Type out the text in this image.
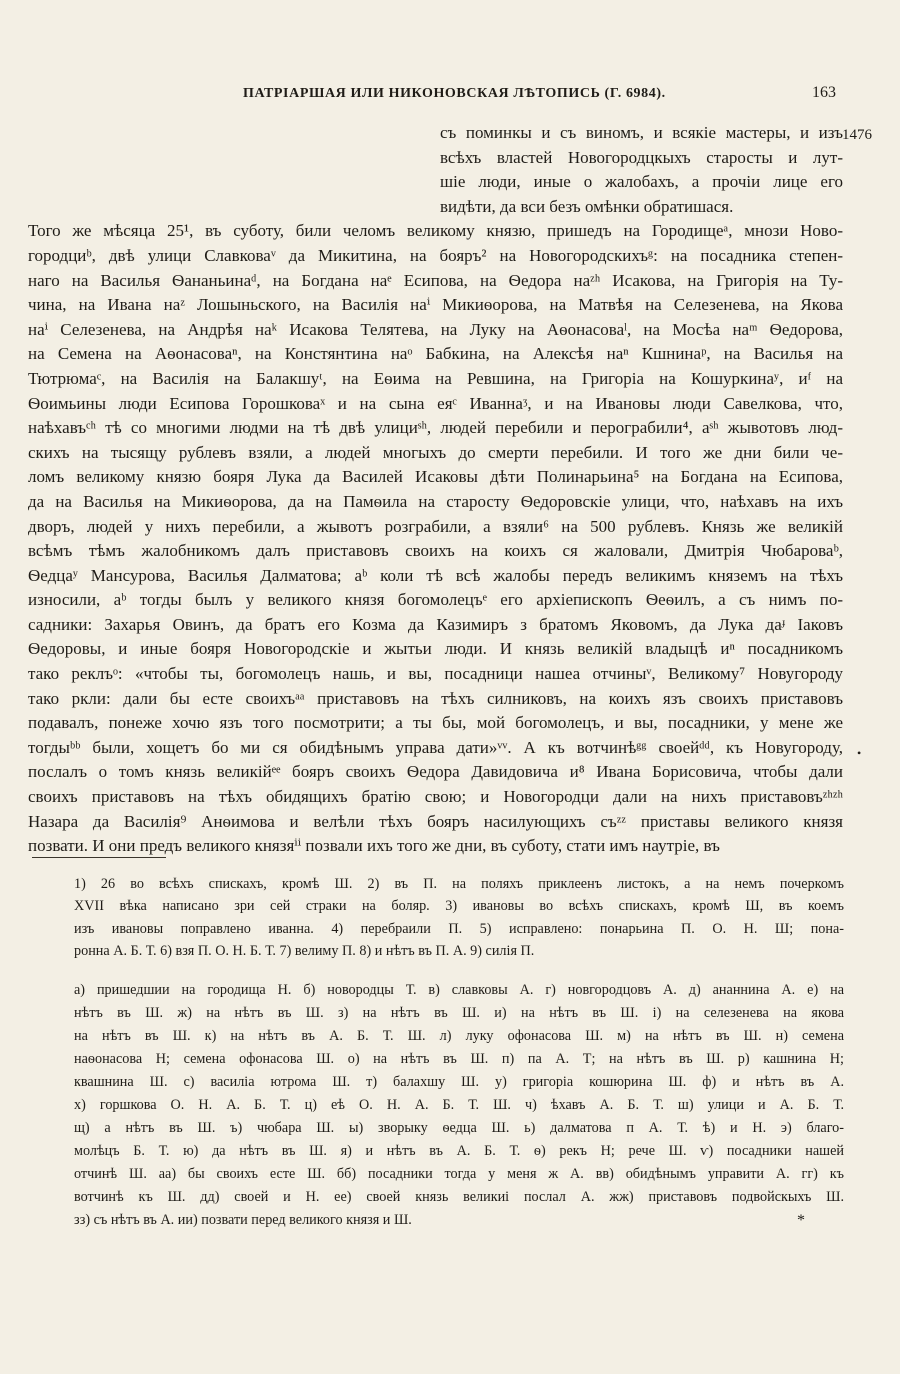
ПАТРІАРШАЯ ИЛИ НИКОНОВСКАЯ ЛѢТОПИСЬ (Г. 6984).	163
1476
съ поминкы и съ виномъ, и всякіе мастеры, и изъ
всѣхъ властей Новогородцкыхъ старосты и лут-
шіе люди, иные о жалобахъ, а прочіи лице его
видѣти, да вси безъ омѣнки обратишася.
Того же мѣсяца 25¹, въ суботу, били челомъ великому князю, пришедъ на Городищеᵃ, мнози Ново-
городциᵇ, двѣ улици Славковаᵛ да Микитина, на бояръ² на Новогородскихъᵍ: на посадника степен-
наго на Василья Ѳананьинаᵈ, на Богдана наᵉ Есипова, на Ѳедора наᶻʰ Исакова, на Григорія на Ту-
чина, на Ивана наᶻ Лошыньского, на Василія наⁱ Микиѳорова, на Матвѣя на Селезенева, на Якова
наⁱ Селезенева, на Андрѣя наᵏ Исакова Телятева, на Луку на Аѳонасоваˡ, на Мосѣа наᵐ Ѳедорова,
на Семена на Аѳонасоваⁿ, на Констянтина наᵒ Бабкина, на Алексѣя наⁿ Кшнинаᵖ, на Василья на
Тютрюмаᶜ, на Василія на Балакшуᵗ, на Еѳима на Ревшина, на Григоріа на Кошуркинаʸ, иᶠ на
Ѳоимьины люди Есипова Горошковаˣ и на сына еяᶜ Иваннаᶾ, и на Ивановы люди Савелкова, что,
наѣхавъᶜʰ тѣ со многими людми на тѣ двѣ улициˢʰ, людей перебили и перограбили⁴, аˢʰ жывотовъ люд-
скихъ на тысящу рублевъ взяли, а людей многыхъ до смерти перебили. И того же дни били че-
ломъ великому князю бояря Лука да Василей Исаковы дѣти Полинарьина⁵ на Богдана на Есипова,
да на Василья на Микиѳорова, да на Памѳила на старосту Ѳедоровскіе улици, что, наѣхавъ на ихъ
дворъ, людей у нихъ перебили, а жывотъ розграбили, а взяли⁶ на 500 рублевъ. Князь же великій
всѣмъ тѣмъ жалобникомъ далъ приставовъ своихъ на коихъ ся жаловали, Дмитрія Чюбароваᵇ,
Ѳедцаʸ Мансурова, Василья Далматова; аᵇ коли тѣ всѣ жалобы передъ великимъ княземъ на тѣхъ
износили, аᵇ тогды былъ у великого князя богомолецъᵉ его архіепископъ Ѳеѳилъ, а съ нимъ по-
садники: Захарья Овинъ, да братъ его Козма да Казимиръ з братомъ Яковомъ, да Лука даᶡ Іаковъ
Ѳедоровы, и иные бояря Новогородскіе и жытьи люди. И князь великій владыцѣ иⁿ посадникомъ
тако реклъᵒ: «чтобы ты, богомолецъ нашь, и вы, посадници нашеа отчиныᵛ, Великому⁷ Новугороду
тако ркли: дали бы есте своихъᵃᵃ приставовъ на тѣхъ силниковъ, на коихъ язъ своихъ приставовъ
подавалъ, понеже хочю язъ того посмотрити; а ты бы, мой богомолецъ, и вы, посадники, у мене же
тогдыᵇᵇ были, хощетъ бо ми ся обидѣнымъ управа дати»ᵛᵛ. А къ вотчинѣᵍᵍ своейᵈᵈ, къ Новугороду,
послалъ о томъ князь великійᵉᵉ бояръ своихъ Ѳедора Давидовича и⁸ Ивана Борисовича, чтобы дали
своихъ приставовъ на тѣхъ обидящихъ братію свою; и Новогородци дали на нихъ приставовъᶻʰᶻʰ
Назара да Василія⁹ Анѳимова и велѣли тѣхъ бояръ насилующихъ съᶻᶻ приставы великого князя
позвати. И они предъ великого князяⁱⁱ позвали ихъ того же дни, въ суботу, стати имъ наутріе, въ
1) 26 во всѣхъ спискахъ, кромѣ Ш. 2) въ П. на поляхъ приклеенъ листокъ, а на немъ почеркомъ
XVII вѣка написано зри сей страки на боляр. 3) ивановы во всѣхъ спискахъ, кромѣ Ш, въ коемъ
изъ ивановы поправлено иванна. 4) перебраили П. 5) исправлено: понарьина П. О. Н. Ш; пона-
ронна А. Б. Т. 6) взя П. О. Н. Б. Т. 7) велиму П. 8) и нѣтъ въ П. А. 9) силія П.
а) пришедшии на городища Н. б) новородцы Т. в) славковы А. г) новгородцовъ А. д) ананнина А. е) на
нѣтъ въ Ш. ж) на нѣтъ въ Ш. з) на нѣтъ въ Ш. и) на нѣтъ въ Ш. і) на селезенева на якова
на нѣтъ въ Ш. к) на нѣтъ въ А. Б. Т. Ш. л) луку офонасова Ш. м) на нѣтъ въ Ш. н) семена
наѳонасова Н; семена офонасова Ш. о) на нѣтъ въ Ш. п) па А. Т; на нѣтъ въ Ш. р) кашнина Н;
квашнина Ш. с) василіа ютрома Ш. т) балахшу Ш. у) григоріа кошюрина Ш. ф) и нѣтъ въ А.
х) горшкова О. Н. А. Б. Т. ц) еѣ О. Н. А. Б. Т. Ш. ч) ѣхавъ А. Б. Т. ш) улици и А. Б. Т.
щ) а нѣтъ въ Ш. ъ) чюбара Ш. ы) зворыку ѳедца Ш. ь) далматова п А. Т. ѣ) и Н. э) благо-
молѣцъ Б. Т. ю) да нѣтъ въ Ш. я) и нѣтъ въ А. Б. Т. ѳ) рекъ Н; рече Ш. ѵ) посадники нашей
отчинѣ Ш. аа) бы своихъ есте Ш. бб) посадники тогда у меня ж А. вв) обидѣнымъ управити А. гг) къ
вотчинѣ къ Ш. дд) своей и Н. ее) своей князь великиі послал А. жж) приставовъ подвойскыхъ Ш.
зз) съ нѣтъ въ А. ии) позвати перед великого князя и Ш.	*
•
